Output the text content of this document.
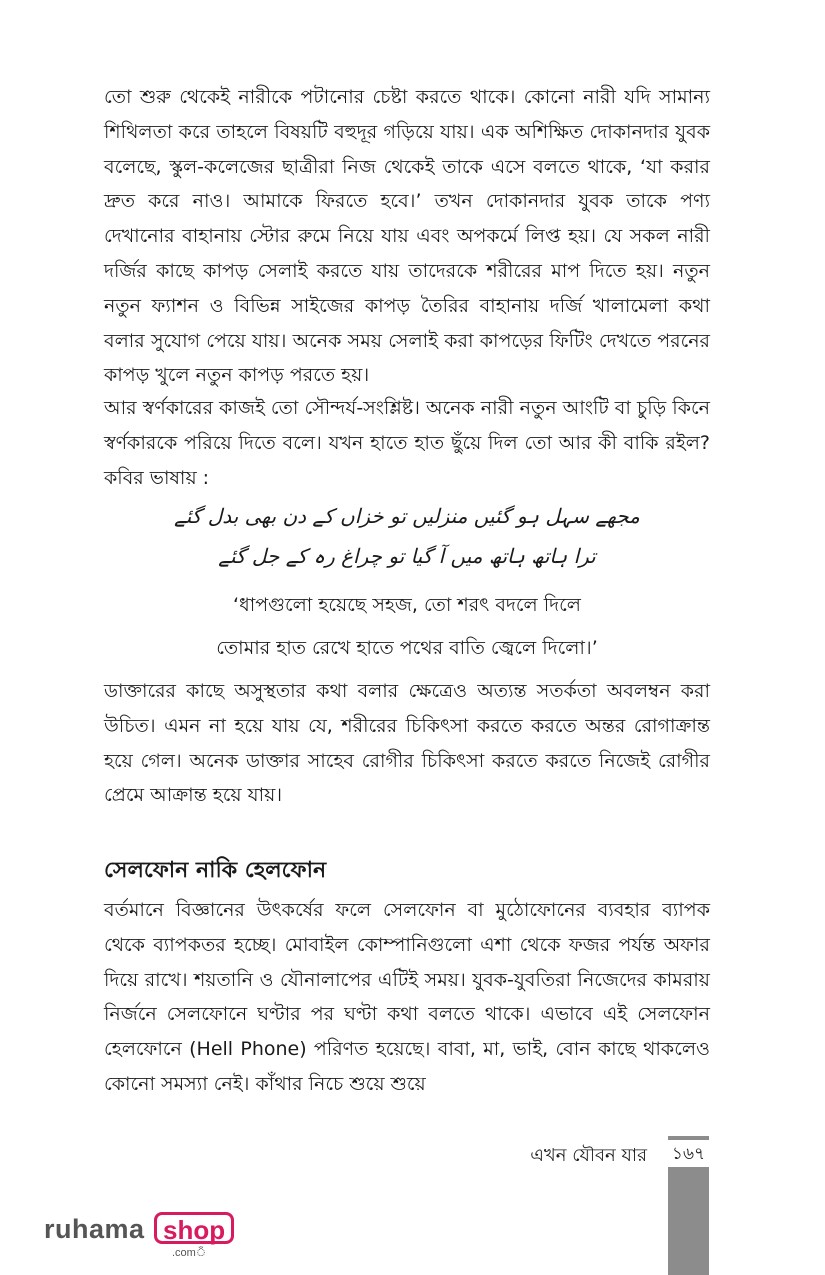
তো শুরু থেকেই নারীকে পটানোর চেষ্টা করতে থাকে। কোনো নারী যদি সামান্য শিথিলতা করে তাহলে বিষয়টি বহুদূর গড়িয়ে যায়। এক অশিক্ষিত দোকানদার যুবক বলেছে, স্কুল-কলেজের ছাত্রীরা নিজ থেকেই তাকে এসে বলতে থাকে, ‘যা করার দ্রুত করে নাও। আমাকে ফিরতে হবে।’ তখন দোকানদার যুবক তাকে পণ্য দেখানোর বাহানায় স্টোর রুমে নিয়ে যায় এবং অপকর্মে লিপ্ত হয়। যে সকল নারী দর্জির কাছে কাপড় সেলাই করতে যায় তাদেরকে শরীরের মাপ দিতে হয়। নতুন নতুন ফ্যাশন ও বিভিন্ন সাইজের কাপড় তৈরির বাহানায় দর্জি খালামেলা কথা বলার সুযোগ পেয়ে যায়। অনেক সময় সেলাই করা কাপড়ের ফিটিং দেখতে পরনের কাপড় খুলে নতুন কাপড় পরতে হয়।

আর স্বর্ণকারের কাজই তো সৌন্দর্য-সংশ্লিষ্ট। অনেক নারী নতুন আংটি বা চুড়ি কিনে স্বর্ণকারকে পরিয়ে দিতে বলে। যখন হাতে হাত ছুঁয়ে দিল তো আর কী বাকি রইল? কবির ভাষায় :

مجھے سہل ہو گئیں منزلیں تو خزاں کے دن بھی بدل گئے
ترا ہاتھ ہاتھ میں آ گیا تو چراغ رہ کے جل گئے
‘ধাপগুলো হয়েছে সহজ, তো শরৎ বদলে দিলে
তোমার হাত রেখে হাতে পথের বাতি জ্বেলে দিলো।’

ডাক্তারের কাছে অসুস্থতার কথা বলার ক্ষেত্রেও অত্যন্ত সতর্কতা অবলম্বন করা উচিত। এমন না হয়ে যায় যে, শরীরের চিকিৎসা করতে করতে অন্তর রোগাক্রান্ত হয়ে গেল। অনেক ডাক্তার সাহেব রোগীর চিকিৎসা করতে করতে নিজেই রোগীর প্রেমে আক্রান্ত হয়ে যায়।

সেলফোন নাকি হেলফোন

বর্তমানে বিজ্ঞানের উৎকর্ষের ফলে সেলফোন বা মুঠোফোনের ব্যবহার ব্যাপক থেকে ব্যাপকতর হচ্ছে। মোবাইল কোম্পানিগুলো এশা থেকে ফজর পর্যন্ত অফার দিয়ে রাখে। শয়তানি ও যৌনালাপের এটিই সময়। যুবক-যুবতিরা নিজেদের কামরায় নির্জনে সেলফোনে ঘণ্টার পর ঘণ্টা কথা বলতে থাকে। এভাবে এই সেলফোন হেলফোনে (Hell Phone) পরিণত হয়েছে। বাবা, মা, ভাই, বোন কাছে থাকলেও কোনো সমস্যা নেই। কাঁথার নিচে শুয়ে শুয়ে

এখন যৌবন যার ১৬৭
ruhama shop
.comঁ
